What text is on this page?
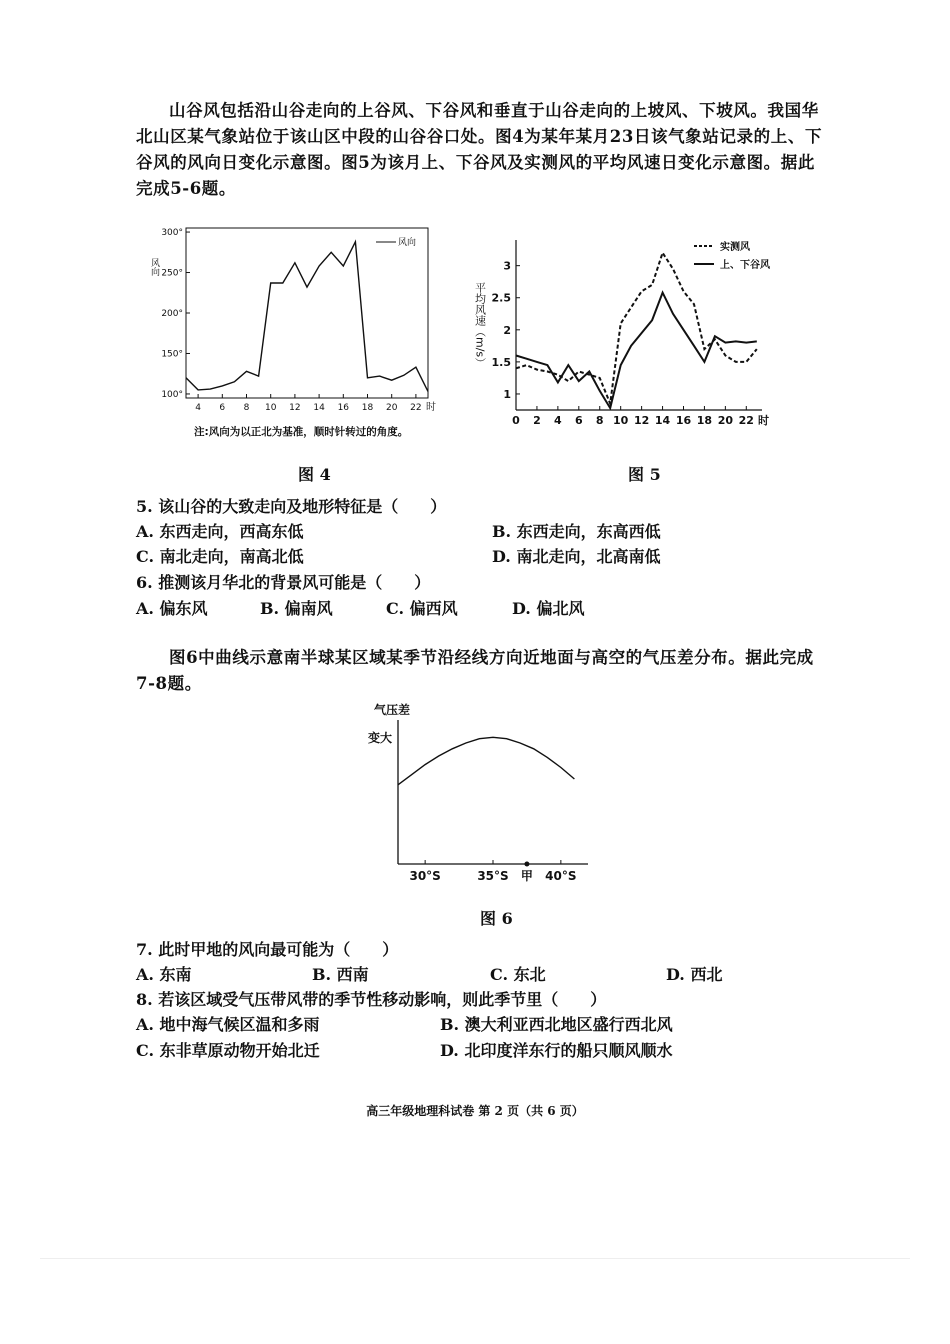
山谷风包括沿山谷走向的上谷风、下谷风和垂直于山谷走向的上坡风、下坡风。我国华北山区某气象站位于该山区中段的山谷谷口处。图4为某年某月23日该气象站记录的上、下谷风的风向日变化示意图。图5为该月上、下谷风及实测风的平均风速日变化示意图。据此完成5-6题。
300°
250°
200°
150°
100°
4 6 8 10 12 14 16 18 20 22
风向
风向
时
注:风向为以正北为基准，顺时针转过的角度。
图 4
3
2.5
2
1.5
1
0 2 4 6 8 10 12 14 16 18 20 22
平均风速（m/s）
实测风
上、下谷风
时
图 5
5. 该山谷的大致走向及地形特征是（　　）
A. 东西走向，西高东低	B. 东西走向，东高西低
C. 南北走向，南高北低	D. 南北走向，北高南低
6. 推测该月华北的背景风可能是（　　）
A. 偏东风	B. 偏南风	C. 偏西风	D. 偏北风
图6中曲线示意南半球某区域某季节沿经线方向近地面与高空的气压差分布。据此完成7-8题。
30°S	35°S 甲 40°S
气压差
变大
图 6
7. 此时甲地的风向最可能为（　　）
A. 东南	B. 西南	C. 东北	D. 西北
8. 若该区域受气压带风带的季节性移动影响，则此季节里（　　）
A. 地中海气候区温和多雨	B. 澳大利亚西北地区盛行西北风
C. 东非草原动物开始北迁	D. 北印度洋东行的船只顺风顺水
高三年级地理科试卷 第 2 页（共 6 页）
